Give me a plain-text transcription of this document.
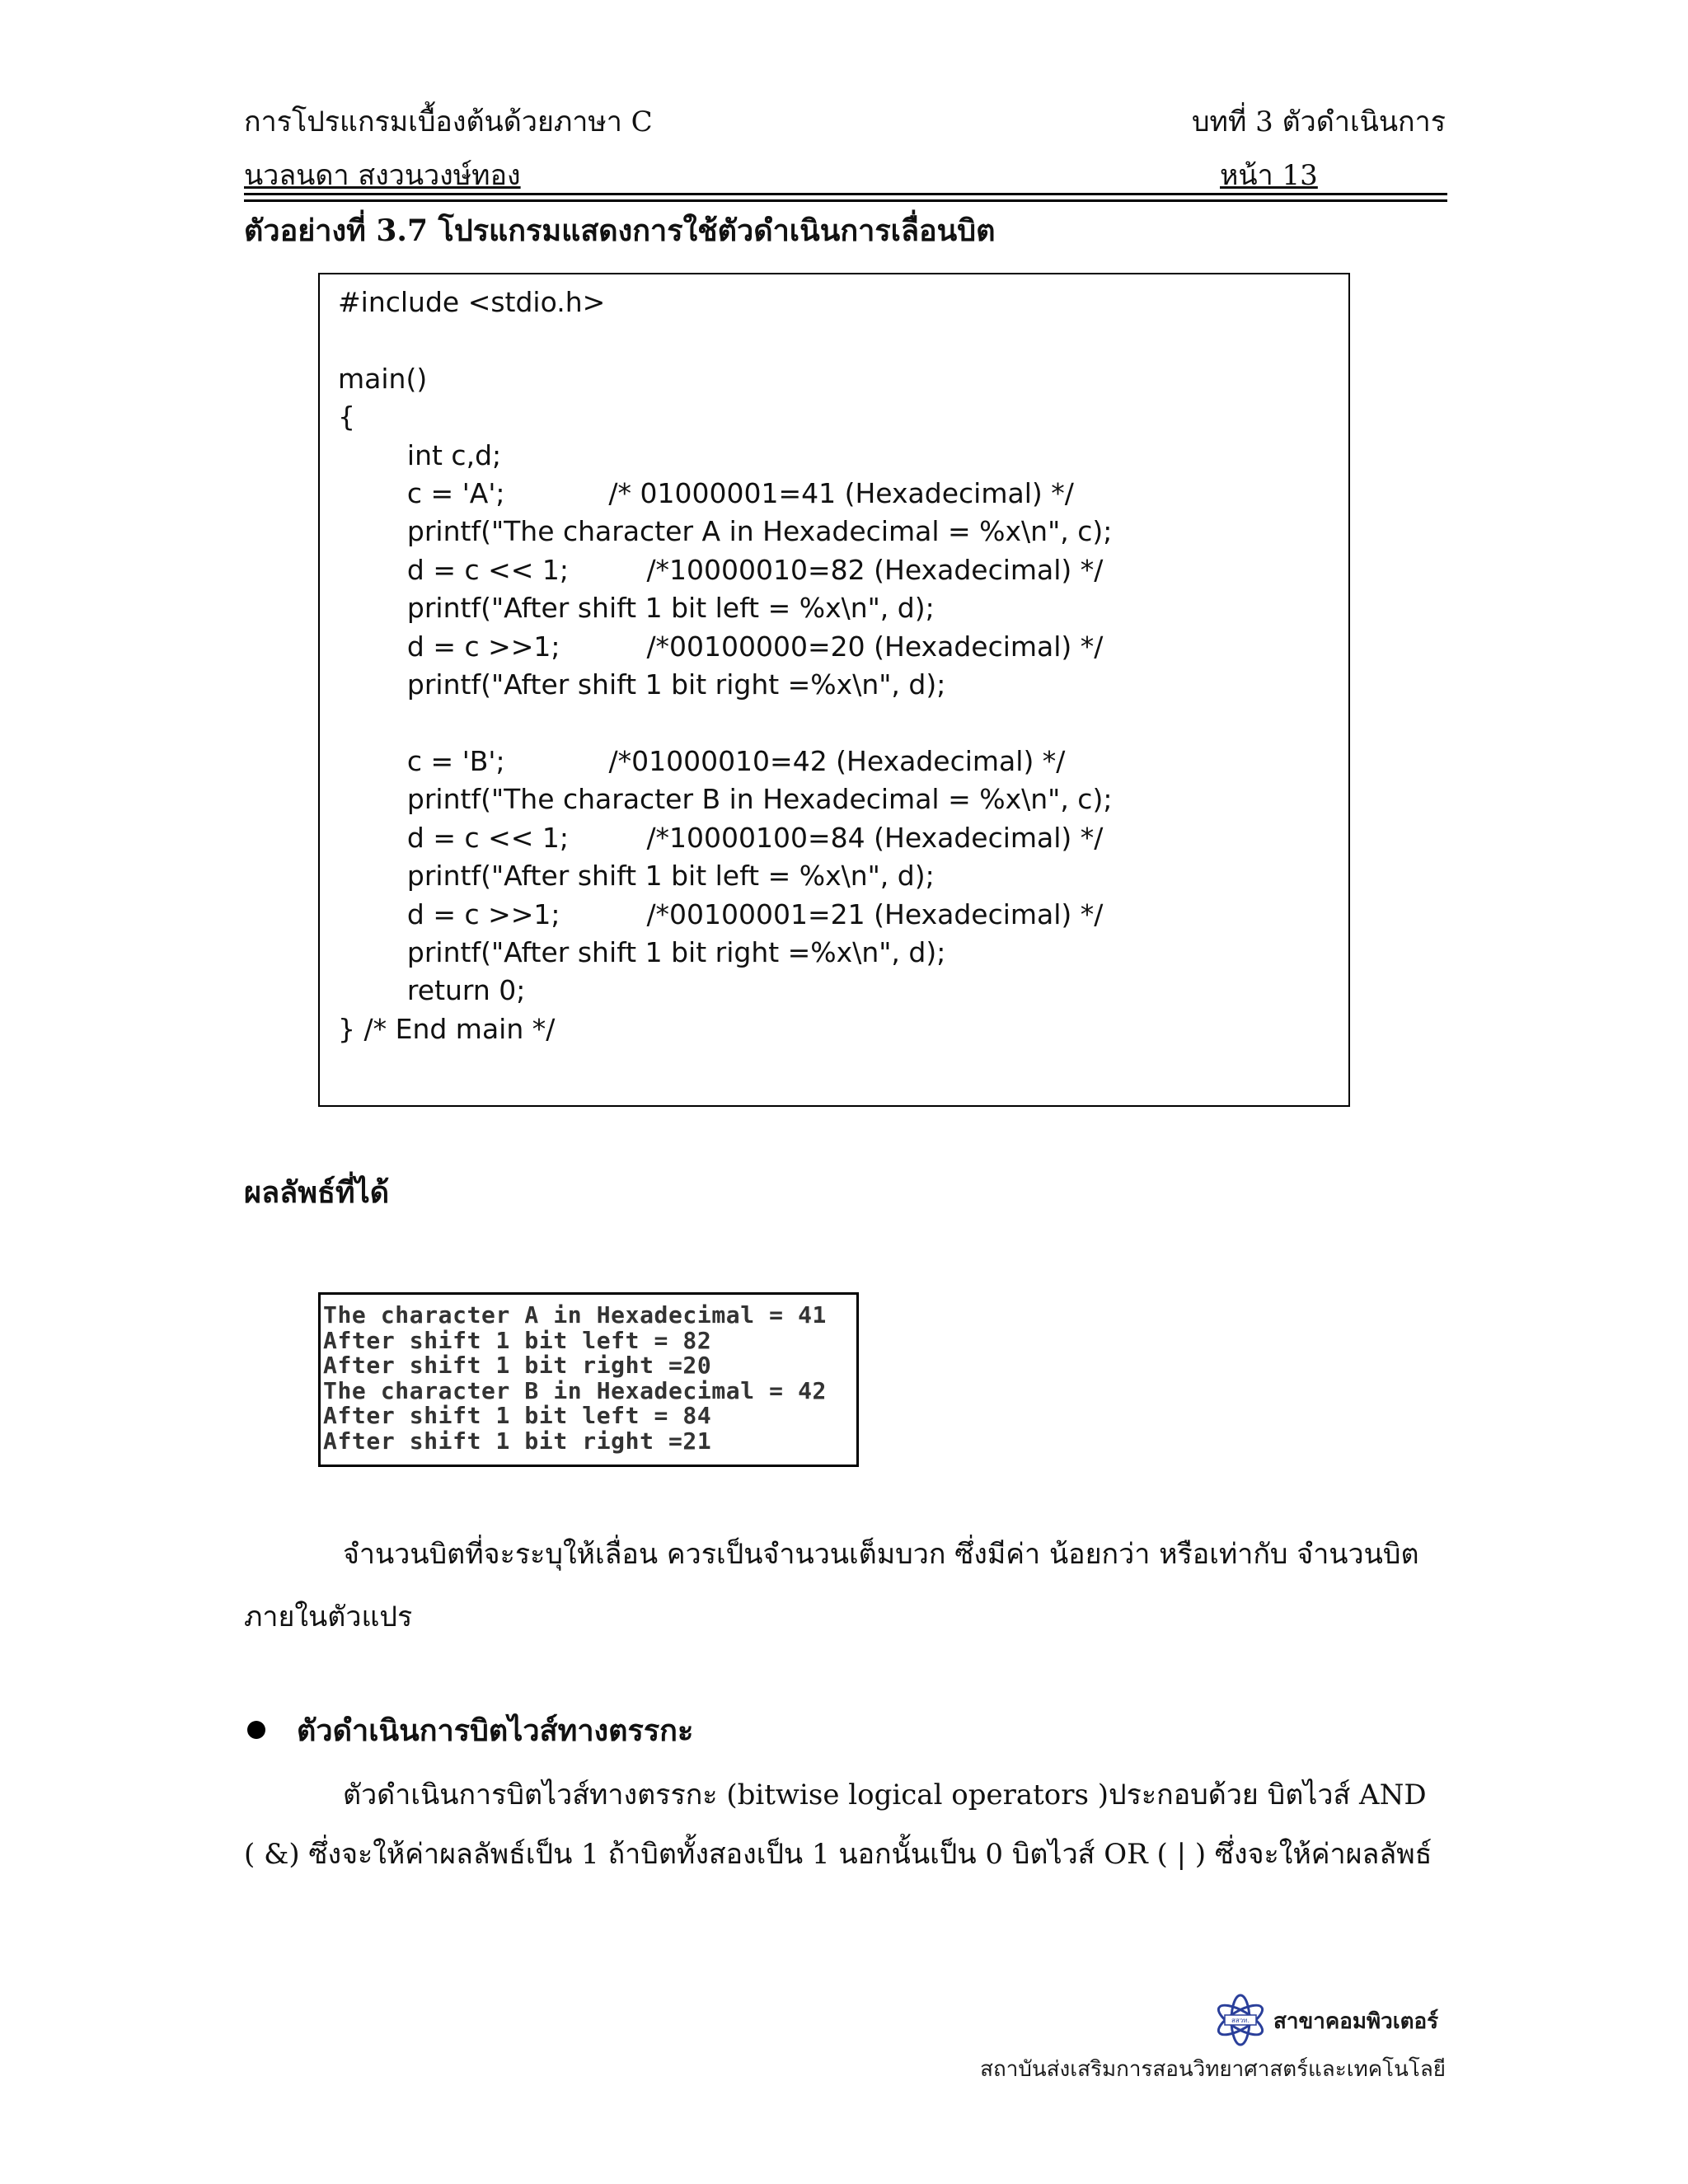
การโปรแกรมเบื้องต้นด้วยภาษา C	บทที่ 3 ตัวดำเนินการ
นวลนดา สงวนวงษ์ทอง	หน้า 13
ตัวอย่างที่ 3.7 โปรแกรมแสดงการใช้ตัวดำเนินการเลื่อนบิต
#include <stdio.h>

main()
{
int c,d;
c = 'A';            /* 01000001=41 (Hexadecimal) */
printf("The character A in Hexadecimal = %x\n", c);
d = c << 1;         /*10000010=82 (Hexadecimal) */
printf("After shift 1 bit left = %x\n", d);
d = c >>1;          /*00100000=20 (Hexadecimal) */
printf("After shift 1 bit right =%x\n", d);

c = 'B';            /*01000010=42 (Hexadecimal) */
printf("The character B in Hexadecimal = %x\n", c);
d = c << 1;         /*10000100=84 (Hexadecimal) */
printf("After shift 1 bit left = %x\n", d);
d = c >>1;          /*00100001=21 (Hexadecimal) */
printf("After shift 1 bit right =%x\n", d);
return 0;
} /* End main */
ผลลัพธ์ที่ได้
The character A in Hexadecimal = 41
After shift 1 bit left = 82
After shift 1 bit right =20
The character B in Hexadecimal = 42
After shift 1 bit left = 84
After shift 1 bit right =21
จำนวนบิตที่จะระบุให้เลื่อน ควรเป็นจำนวนเต็มบวก ซึ่งมีค่า น้อยกว่า หรือเท่ากับ จำนวนบิต
ภายในตัวแปร
ตัวดำเนินการบิตไวส์ทางตรรกะ
ตัวดำเนินการบิตไวส์ทางตรรกะ (bitwise logical operators )ประกอบด้วย บิตไวส์ AND
( &) ซึ่งจะให้ค่าผลลัพธ์เป็น 1 ถ้าบิตทั้งสองเป็น 1 นอกนั้นเป็น 0 บิตไวส์ OR ( | ) ซึ่งจะให้ค่าผลลัพธ์
สสวท. สาขาคอมพิวเตอร์
สถาบันส่งเสริมการสอนวิทยาศาสตร์และเทคโนโลยี
